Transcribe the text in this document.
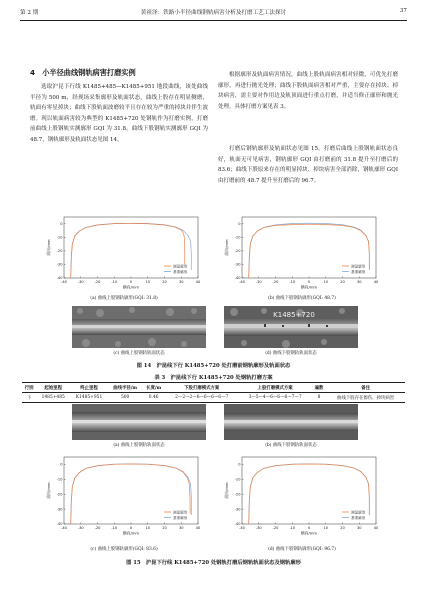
第 2 期	黄祖泽：铁路小半径曲线钢轨病害分析及打磨工艺工法探讨	37
4　小半径曲线钢轨病害打磨实例
选取沪昆下行线 K1485+485—K1485+951 地段曲线，该处曲线半径为 500 m，经现场采集廓形及轨面状态，曲线上股存在明显侧磨，轨面有零星掉块；曲线下股轨面波磨较平且存在较为严重的掉块并伴生波磨。现以轨面病害较为典型的 K1485+720 处钢轨作为打磨实例，打磨前曲线上股钢轨实测廓形 GQI 为 31.8，曲线下股钢轨实测廓形 GQI 为 48.7，钢轨廓形及轨面状态见图 14。
根据廓形及轨面病害情况，曲线上股轨面病害相对轻微，可优先打磨廓形，再进行抛光处理；曲线下股轨面病害相对严重，主要存在掉块、掉块病害，需主要对作用边及轨顶面进行重点打磨，并适当修正廓形和抛光处理。具体打磨方案见表 3。
打磨后钢轨廓形及轨面状态见图 15。打磨后曲线上股钢轨面状态良好，轨面无可见病害，钢轨廓形 GQI 由打磨前的 31.8 提升至打磨后的 83.6；曲线下股原来存在的明显掉块、掉块病害全部消除，钢轨廓形 GQI 由打磨前的 48.7 提升至打磨后的 96.7。
-40	-30	-20	-10	0	10	20	30	40
-40
-30
-20
-10
0
横向/mm
纵向/mm
测量廓形
基准廓形
(a) 曲线上股钢轨廓形(GQI: 31.8)
-40	-30	-20	-10	0	10	20	30	40
-40
-30
-20
-10
0
横向/mm
纵向/mm
测量廓形
基准廓形
(b) 曲线下股钢轨廓形(GQI: 48.7)
(c) 曲线上股钢轨轨面状态
K1485+720
(d) 曲线下股钢轨轨面状态
图 14　沪昆线下行 K1485+720 处打磨前钢轨廓形及轨面状态
表 3　沪昆线下行 K1485+720 处钢轨打磨方案
行别	起始里程	终止里程	曲线半径/m	长度/m	下股打磨模式方案	上股打磨模式方案	遍数	备注
下	1485+485	K1485+951	500	0.46	2—2—2—6—6—6—6—7	3—5—4—6—6—6—7—7	8	曲线下股存在擦伤、掉块病害
(a) 曲线上股钢轨轨面状态	(b) 曲线下股钢轨轨面状态
-40	-30	-20	-10	0	10	20	30	40
-40
-30
-20
-10
0
横向/mm
纵向/mm
测量廓形
基准廓形
(c) 曲线上股钢轨廓形(GQI: 83.6)
-40	-30	-20	-10	0	10	20	30	40
-40
-30
-20
-10
0
横向/mm
纵向/mm
测量廓形
基准廓形
(d) 曲线下股钢轨廓形(GQI: 96.7)
图 15　沪昆下行线 K1485+720 处钢轨打磨后钢轨轨面状态及钢轨廓形
